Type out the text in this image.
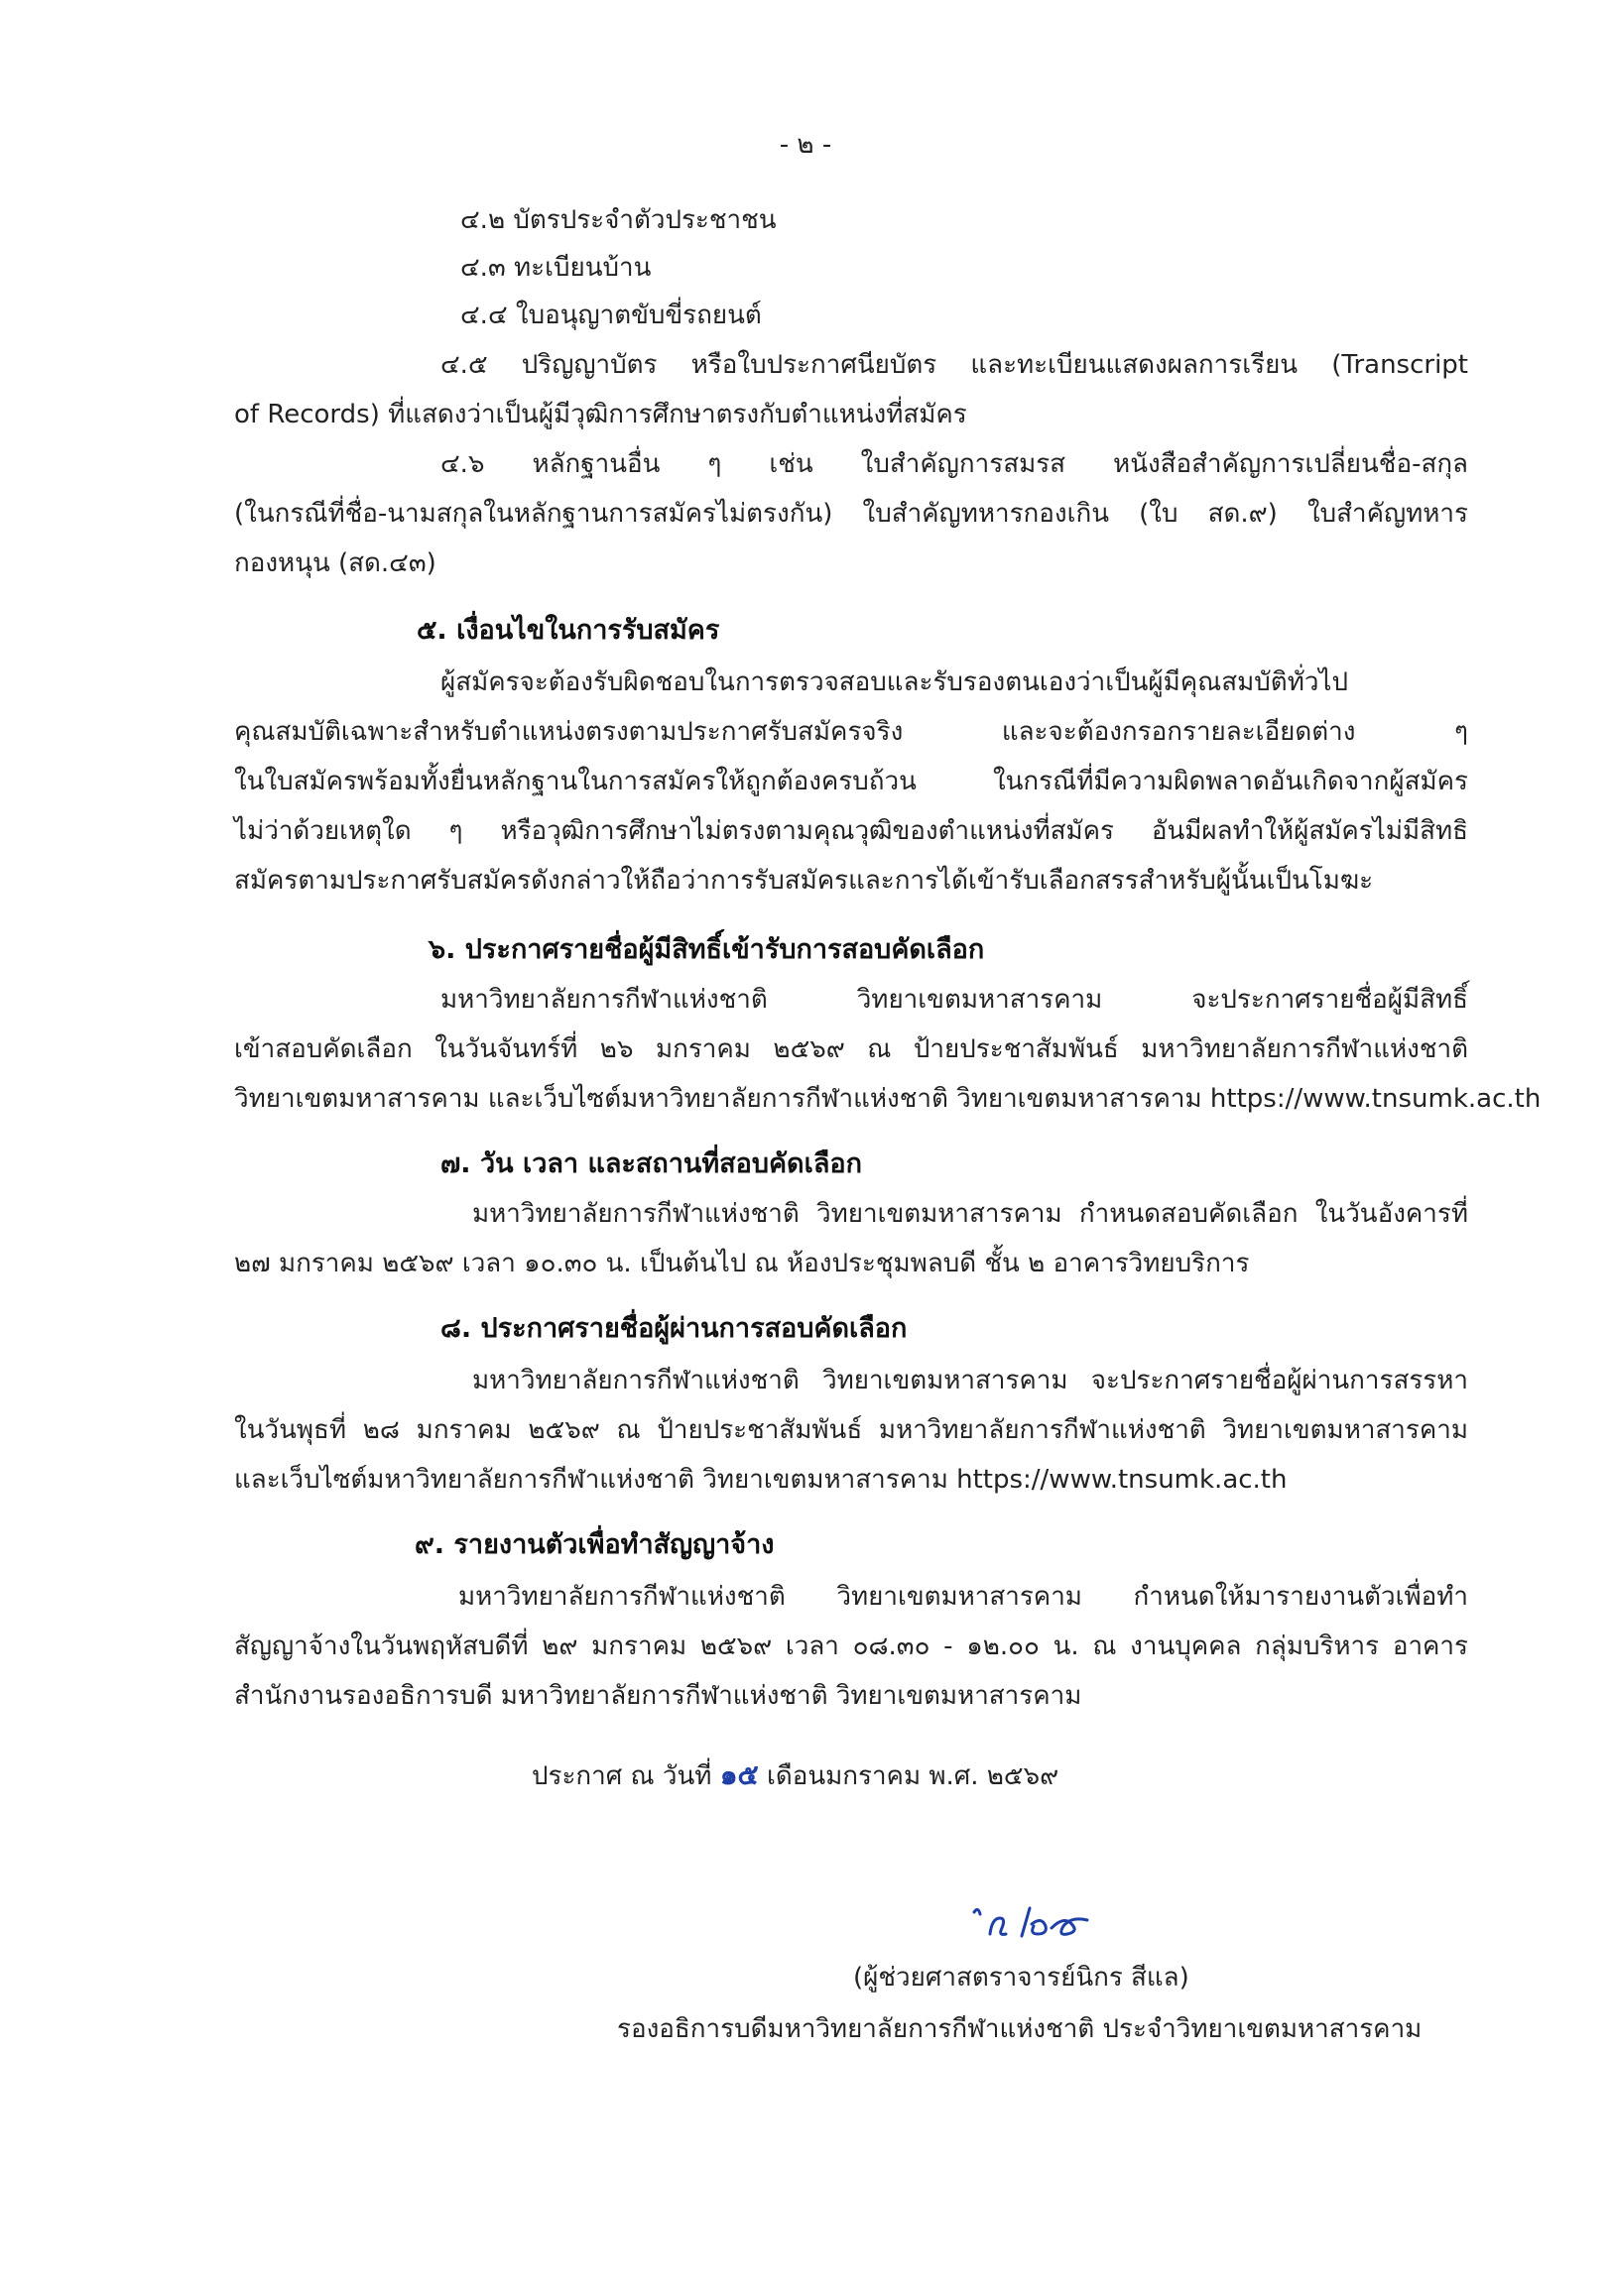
- ๒ -
๔.๒ บัตรประจำตัวประชาชน
๔.๓ ทะเบียนบ้าน
๔.๔ ใบอนุญาตขับขี่รถยนต์
๔.๕ ปริญญาบัตร หรือใบประกาศนียบัตร และทะเบียนแสดงผลการเรียน (Transcript
of Records) ที่แสดงว่าเป็นผู้มีวุฒิการศึกษาตรงกับตำแหน่งที่สมัคร
๔.๖ หลักฐานอื่น ๆ เช่น ใบสำคัญการสมรส หนังสือสำคัญการเปลี่ยนชื่อ-สกุล
(ในกรณีที่ชื่อ-นามสกุลในหลักฐานการสมัครไม่ตรงกัน) ใบสำคัญทหารกองเกิน (ใบ สด.๙) ใบสำคัญทหาร
กองหนุน (สด.๔๓)
๕. เงื่อนไขในการรับสมัคร
ผู้สมัครจะต้องรับผิดชอบในการตรวจสอบและรับรองตนเองว่าเป็นผู้มีคุณสมบัติทั่วไป
คุณสมบัติเฉพาะสำหรับตำแหน่งตรงตามประกาศรับสมัครจริง และจะต้องกรอกรายละเอียดต่าง ๆ
ในใบสมัครพร้อมทั้งยื่นหลักฐานในการสมัครให้ถูกต้องครบถ้วน ในกรณีที่มีความผิดพลาดอันเกิดจากผู้สมัคร
ไม่ว่าด้วยเหตุใด ๆ หรือวุฒิการศึกษาไม่ตรงตามคุณวุฒิของตำแหน่งที่สมัคร อันมีผลทำให้ผู้สมัครไม่มีสิทธิ
สมัครตามประกาศรับสมัครดังกล่าวให้ถือว่าการรับสมัครและการได้เข้ารับเลือกสรรสำหรับผู้นั้นเป็นโมฆะ
๖. ประกาศรายชื่อผู้มีสิทธิ์เข้ารับการสอบคัดเลือก
มหาวิทยาลัยการกีฬาแห่งชาติ วิทยาเขตมหาสารคาม จะประกาศรายชื่อผู้มีสิทธิ์
เข้าสอบคัดเลือก ในวันจันทร์ที่ ๒๖ มกราคม ๒๕๖๙ ณ ป้ายประชาสัมพันธ์ มหาวิทยาลัยการกีฬาแห่งชาติ
วิทยาเขตมหาสารคาม และเว็บไซต์มหาวิทยาลัยการกีฬาแห่งชาติ วิทยาเขตมหาสารคาม https://www.tnsumk.ac.th
๗. วัน เวลา และสถานที่สอบคัดเลือก
มหาวิทยาลัยการกีฬาแห่งชาติ วิทยาเขตมหาสารคาม กำหนดสอบคัดเลือก ในวันอังคารที่
๒๗ มกราคม ๒๕๖๙ เวลา ๑๐.๓๐ น. เป็นต้นไป ณ ห้องประชุมพลบดี ชั้น ๒ อาคารวิทยบริการ
๘. ประกาศรายชื่อผู้ผ่านการสอบคัดเลือก
มหาวิทยาลัยการกีฬาแห่งชาติ วิทยาเขตมหาสารคาม จะประกาศรายชื่อผู้ผ่านการสรรหา
ในวันพุธที่ ๒๘ มกราคม ๒๕๖๙ ณ ป้ายประชาสัมพันธ์ มหาวิทยาลัยการกีฬาแห่งชาติ วิทยาเขตมหาสารคาม
และเว็บไซต์มหาวิทยาลัยการกีฬาแห่งชาติ วิทยาเขตมหาสารคาม https://www.tnsumk.ac.th
๙. รายงานตัวเพื่อทำสัญญาจ้าง
มหาวิทยาลัยการกีฬาแห่งชาติ วิทยาเขตมหาสารคาม กำหนดให้มารายงานตัวเพื่อทำ
สัญญาจ้างในวันพฤหัสบดีที่ ๒๙ มกราคม ๒๕๖๙ เวลา ๐๘.๓๐ - ๑๒.๐๐ น. ณ งานบุคคล กลุ่มบริหาร อาคาร
สำนักงานรองอธิการบดี มหาวิทยาลัยการกีฬาแห่งชาติ วิทยาเขตมหาสารคาม
ประกาศ ณ วันที่ ๑๕ เดือนมกราคม พ.ศ. ๒๕๖๙
(ผู้ช่วยศาสตราจารย์นิกร สีแล)
รองอธิการบดีมหาวิทยาลัยการกีฬาแห่งชาติ ประจำวิทยาเขตมหาสารคาม
